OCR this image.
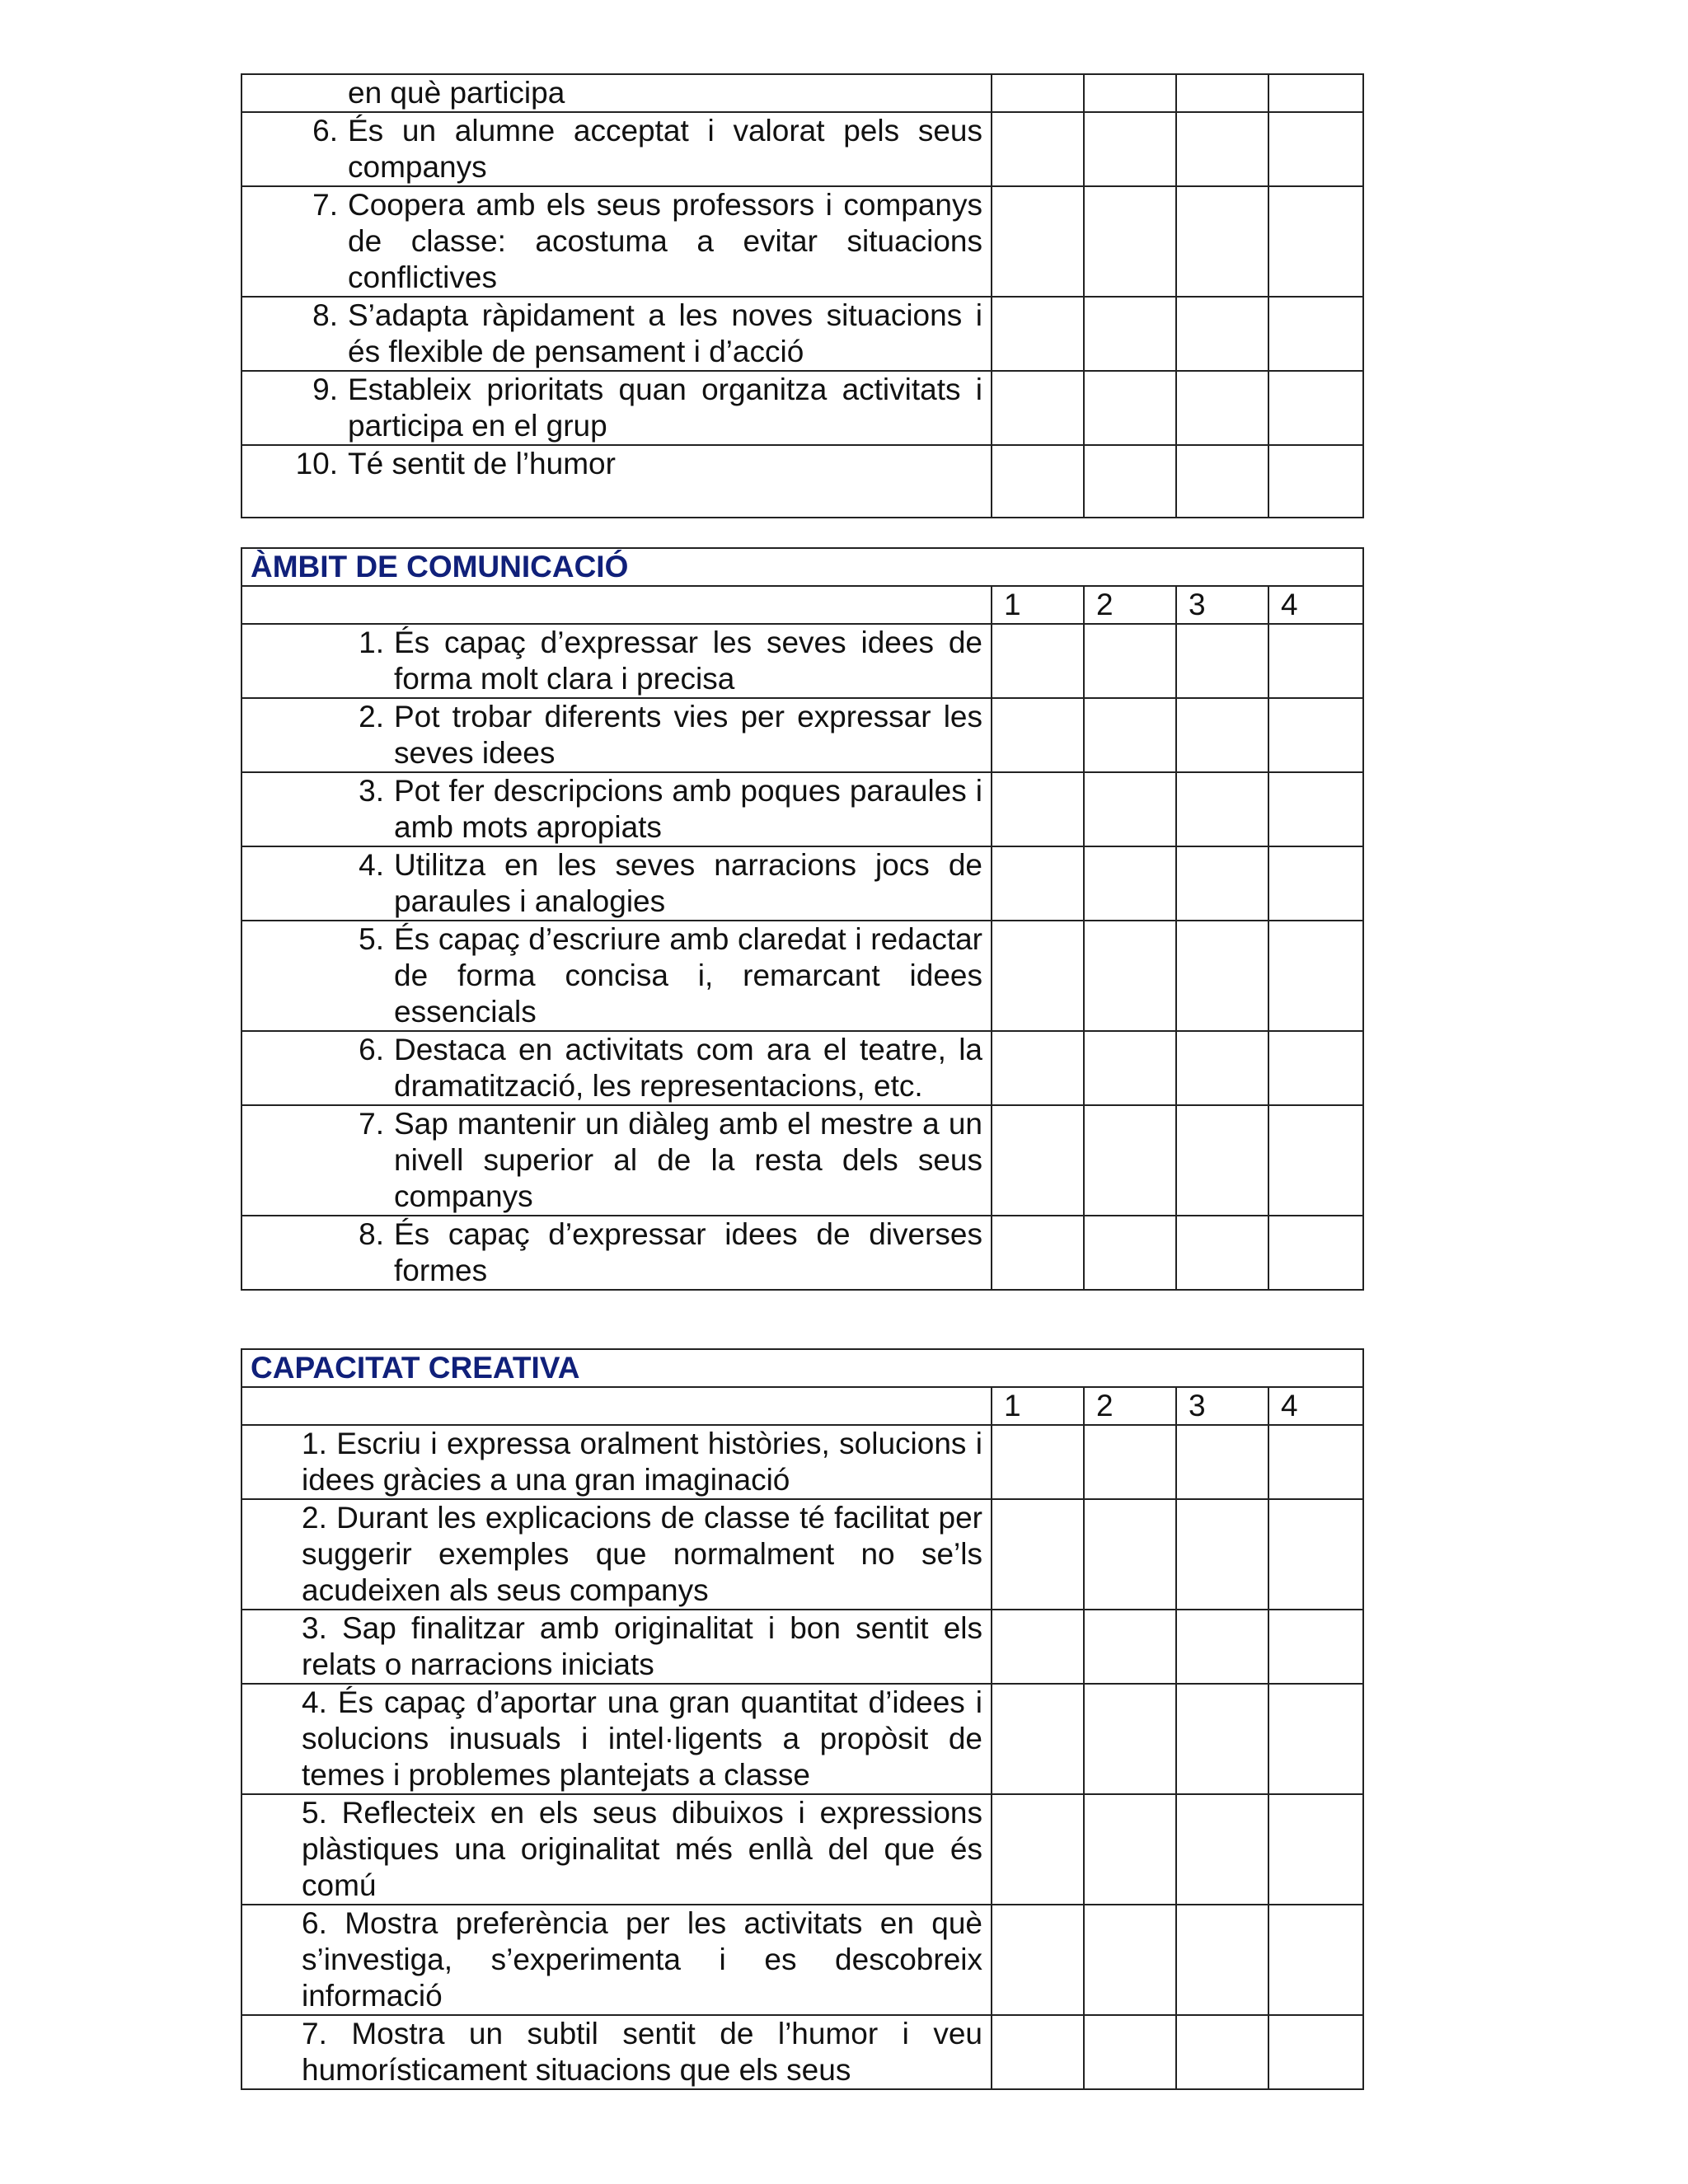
en què participa				

6. És un alumne acceptat i valorat pels seus companys				

7. Coopera amb els seus professors i companys de classe: acostuma a evitar situacions conflictives				

8. S’adapta ràpidament a les noves situacions i és flexible de pensament i d’acció				

9. Estableix prioritats quan organitza activitats i participa en el grup				

10. Té sentit de l’humor				

ÀMBIT DE COMUNICACIÓ				
	1	2	3	4

1. És capaç d’expressar les seves idees de forma molt clara i precisa				

2. Pot trobar diferents vies per expressar les seves idees				

3. Pot fer descripcions amb poques paraules i amb mots apropiats				

4. Utilitza en les seves narracions jocs de paraules i analogies				

5. És capaç d’escriure amb claredat i redactar de forma concisa i, remarcant idees essencials				

6. Destaca en activitats com ara el teatre, la dramatització, les representacions, etc.				

7. Sap mantenir un diàleg amb el mestre a un nivell superior al de la resta dels seus companys				

8. És capaç d’expressar idees de diverses formes				

CAPACITAT CREATIVA				
	1	2	3	4

1. Escriu i expressa oralment històries, solucions i idees gràcies a una gran imaginació				

2. Durant les explicacions de classe té facilitat per suggerir exemples que normalment no se’ls acudeixen als seus companys				

3. Sap finalitzar amb originalitat i bon sentit els relats o narracions iniciats				

4. És capaç d’aportar una gran quantitat d’idees i solucions inusuals i intel·ligents a propòsit de temes i problemes plantejats a classe				

5. Reflecteix en els seus dibuixos i expressions plàstiques una originalitat més enllà del que és comú				

6. Mostra preferència per les activitats en què s’investiga, s’experimenta i es descobreix informació				

7. Mostra un subtil sentit de l’humor i veu humorísticament situacions que els seus				
